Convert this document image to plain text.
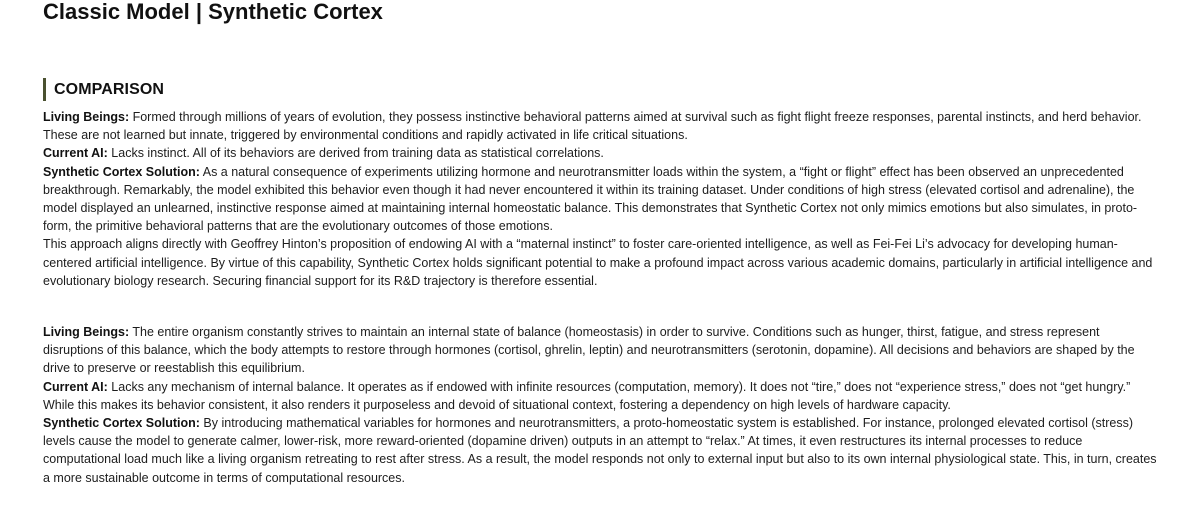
Classic Model | Synthetic Cortex
COMPARISON

Living Beings: Formed through millions of years of evolution, they possess instinctive behavioral patterns aimed at survival such as fight flight freeze responses, parental instincts, and herd behavior. These are not learned but innate, triggered by environmental conditions and rapidly activated in life critical situations.

Current AI: Lacks instinct. All of its behaviors are derived from training data as statistical correlations.

Synthetic Cortex Solution: As a natural consequence of experiments utilizing hormone and neurotransmitter loads within the system, a “fight or flight” effect has been observed an unprecedented breakthrough. Remarkably, the model exhibited this behavior even though it had never encountered it within its training dataset. Under conditions of high stress (elevated cortisol and adrenaline), the model displayed an unlearned, instinctive response aimed at maintaining internal homeostatic balance. This demonstrates that Synthetic Cortex not only mimics emotions but also simulates, in proto-form, the primitive behavioral patterns that are the evolutionary outcomes of those emotions.

This approach aligns directly with Geoffrey Hinton’s proposition of endowing AI with a “maternal instinct” to foster care-oriented intelligence, as well as Fei-Fei Li’s advocacy for developing human-centered artificial intelligence. By virtue of this capability, Synthetic Cortex holds significant potential to make a profound impact across various academic domains, particularly in artificial intelligence and evolutionary biology research. Securing financial support for its R&D trajectory is therefore essential.

Living Beings: The entire organism constantly strives to maintain an internal state of balance (homeostasis) in order to survive. Conditions such as hunger, thirst, fatigue, and stress represent disruptions of this balance, which the body attempts to restore through hormones (cortisol, ghrelin, leptin) and neurotransmitters (serotonin, dopamine). All decisions and behaviors are shaped by the drive to preserve or reestablish this equilibrium.

Current AI: Lacks any mechanism of internal balance. It operates as if endowed with infinite resources (computation, memory). It does not “tire,” does not “experience stress,” does not “get hungry.” While this makes its behavior consistent, it also renders it purposeless and devoid of situational context, fostering a dependency on high levels of hardware capacity.

Synthetic Cortex Solution: By introducing mathematical variables for hormones and neurotransmitters, a proto-homeostatic system is established. For instance, prolonged elevated cortisol (stress) levels cause the model to generate calmer, lower-risk, more reward-oriented (dopamine driven) outputs in an attempt to “relax.” At times, it even restructures its internal processes to reduce computational load much like a living organism retreating to rest after stress. As a result, the model responds not only to external input but also to its own internal physiological state. This, in turn, creates a more sustainable outcome in terms of computational resources.
